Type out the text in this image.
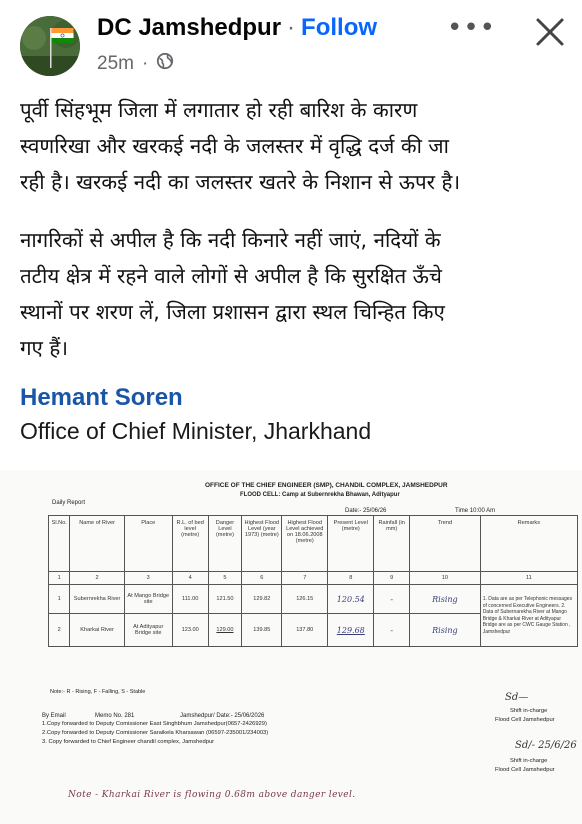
DC Jamshedpur · Follow
25m ·
•••

पूर्वी सिंहभूम जिला में लगातार हो रही बारिश के कारण

स्वणरिखा और खरकई नदी के जलस्तर में वृद्धि दर्ज की जा

रही है। खरकई नदी का जलस्तर खतरे के निशान से ऊपर है।

नागरिकों से अपील है कि नदी किनारे नहीं जाएं, नदियों के

तटीय क्षेत्र में रहने वाले लोगों से अपील है कि सुरक्षित ऊँचे

स्थानों पर शरण लें, जिला प्रशासन द्वारा स्थल चिन्हित किए

गए हैं।

Hemant Soren
Office of Chief Minister, Jharkhand
OFFICE OF THE CHIEF ENGINEER (SMP), CHANDIL COMPLEX, JAMSHEDPUR
FLOOD CELL: Camp at Subernrekha Bhawan, Adityapur
Daily Report
Date:- 25/06/26	Time 10:00 Am
Sl.No.	Name of River	Place	R.L. of bed level (metre)	Danger Level (metre)	Highest Flood Level (year 1973) (metre)	Highest Flood Level achieved on 18.06.2008 (metre)	Present Level (metre)	Rainfall (in mm)	Trend	Remarks
1	2	3	4	5	6	7	8	9	10	11
1	Subernrekha River	At Mango Bridge site	111.00	121.50	129.82	126.15	120.54	-	Rising	1. Data are as per Telephonic messages of concerned Executive Engineers. 2. Data of Subernarekha River at Mango Bridge & Kharkai River at Adityapur Bridge are as per CWC Gauge Station , Jamshedpur
2	Kharkai River	At Adityapur Bridge site	123.00	129.00	139.85	137.80	129.68	-	Rising	
Note:- R - Rising, F - Falling, S - Stable	Sd—
By Email	Memo No. 281	Jamshedpur/ Date:- 25/06/2026
Shift in-charge
Flood Cell Jamshedpur
1.Copy forwarded to Deputy Comissioner East Singhbhum Jamshedpur(0657-2426929)
2.Copy forwarded to Deputy Comissioner Saraikela Kharsawan (06597-235001/234003)
3. Copy forwarded to Chief Engineer chandil complex, Jamshedpur	Sd/- 25/6/26
Shift in-charge
Flood Cell Jamshedpur
Note - Kharkai River is flowing 0.68m above danger level.
